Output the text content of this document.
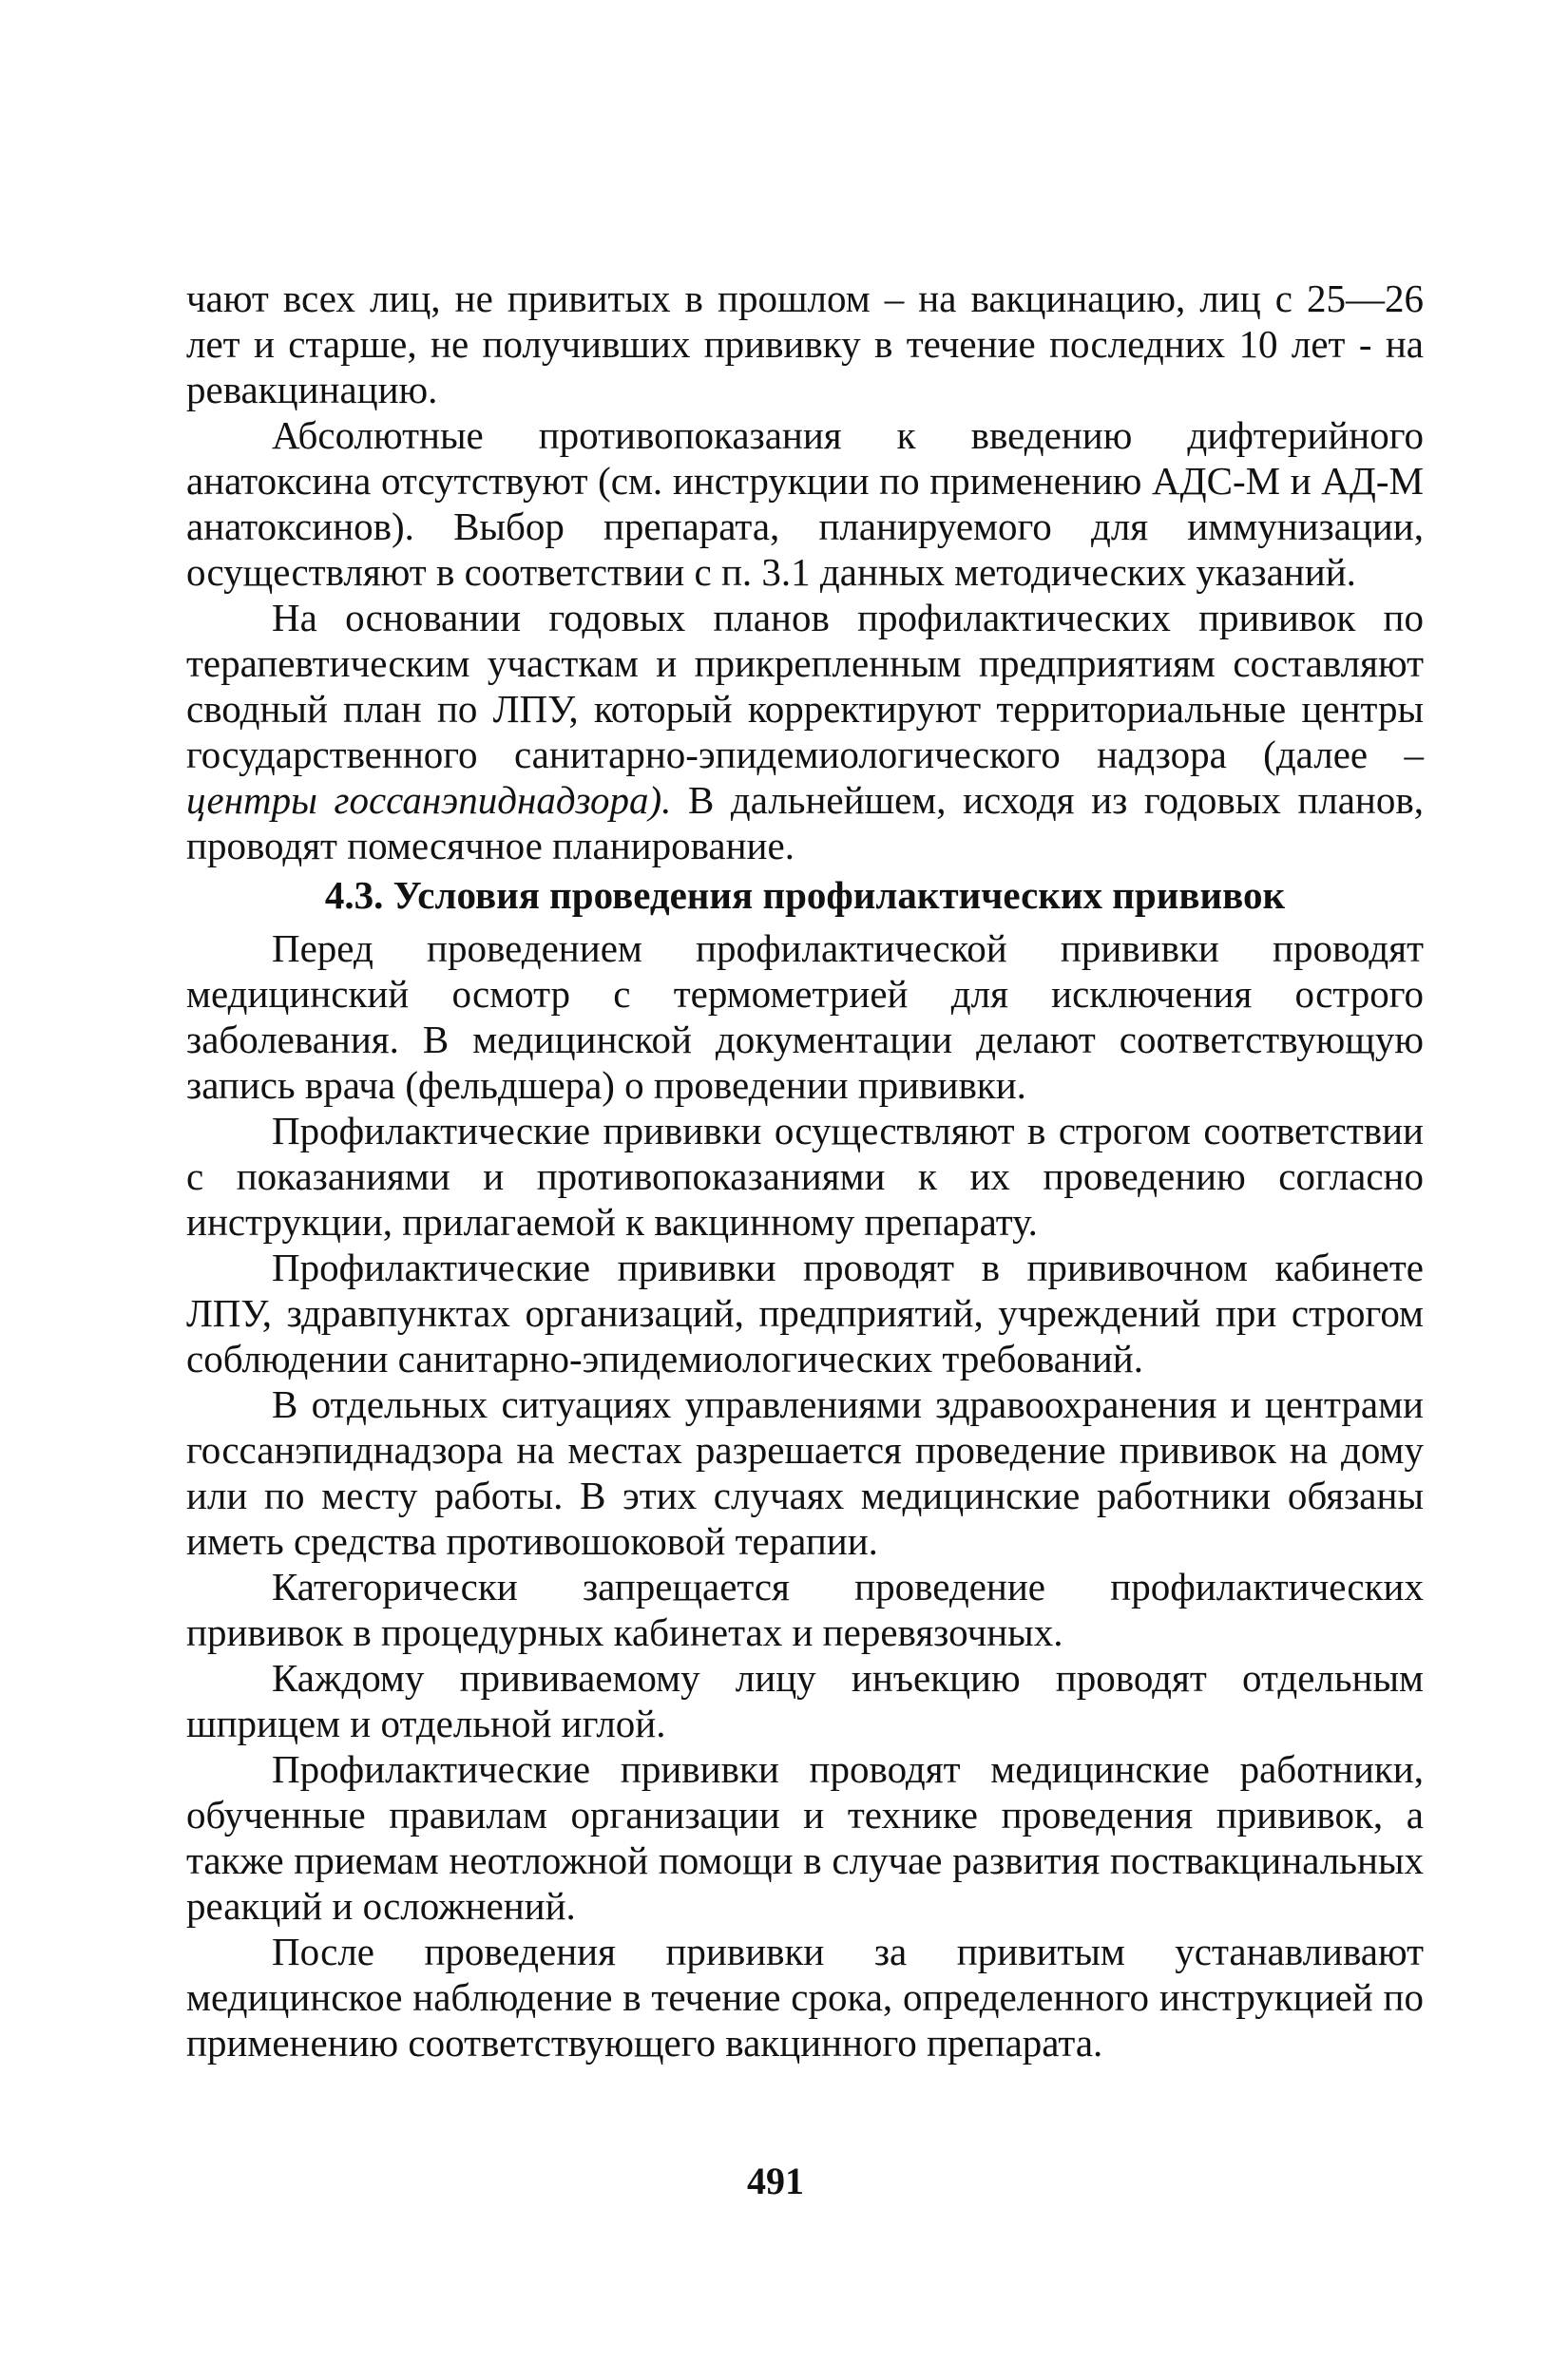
чают всех лиц, не привитых в прошлом – на вакцинацию, лиц с 25—26 лет и старше, не получивших прививку в течение последних 10 лет - на ревакцинацию.

Абсолютные противопоказания к введению дифтерийного анатоксина отсутствуют (см. инструкции по применению АДС-М и АД-М анатоксинов). Выбор препарата, планируемого для иммунизации, осуществляют в соответствии с п. 3.1 данных методических указаний.

На основании годовых планов профилактических прививок по терапевтическим участкам и прикрепленным предприятиям составляют сводный план по ЛПУ, который корректируют территориальные центры государственного санитарно-эпидемиологического надзора (далее – центры госсанэпиднадзора). В дальнейшем, исходя из годовых планов, проводят помесячное планирование.

4.3. Условия проведения профилактических прививок

Перед проведением профилактической прививки проводят медицинский осмотр с термометрией для исключения острого заболевания. В медицинской документации делают соответствующую запись врача (фельдшера) о проведении прививки.

Профилактические прививки осуществляют в строгом соответствии с показаниями и противопоказаниями к их проведению согласно инструкции, прилагаемой к вакцинному препарату.

Профилактические прививки проводят в прививочном кабинете ЛПУ, здравпунктах организаций, предприятий, учреждений при строгом соблюдении санитарно-эпидемиологических требований.

В отдельных ситуациях управлениями здравоохранения и центрами госсанэпиднадзора на местах разрешается проведение прививок на дому или по месту работы. В этих случаях медицинские работники обязаны иметь средства противошоковой терапии.

Категорически запрещается проведение профилактических прививок в процедурных кабинетах и перевязочных.

Каждому прививаемому лицу инъекцию проводят отдельным шприцем и отдельной иглой.

Профилактические прививки проводят медицинские работники, обученные правилам организации и технике проведения прививок, а также приемам неотложной помощи в случае развития поствакцинальных реакций и осложнений.

После проведения прививки за привитым устанавливают медицинское наблюдение в течение срока, определенного инструкцией по применению соответствующего вакцинного препарата.

491
